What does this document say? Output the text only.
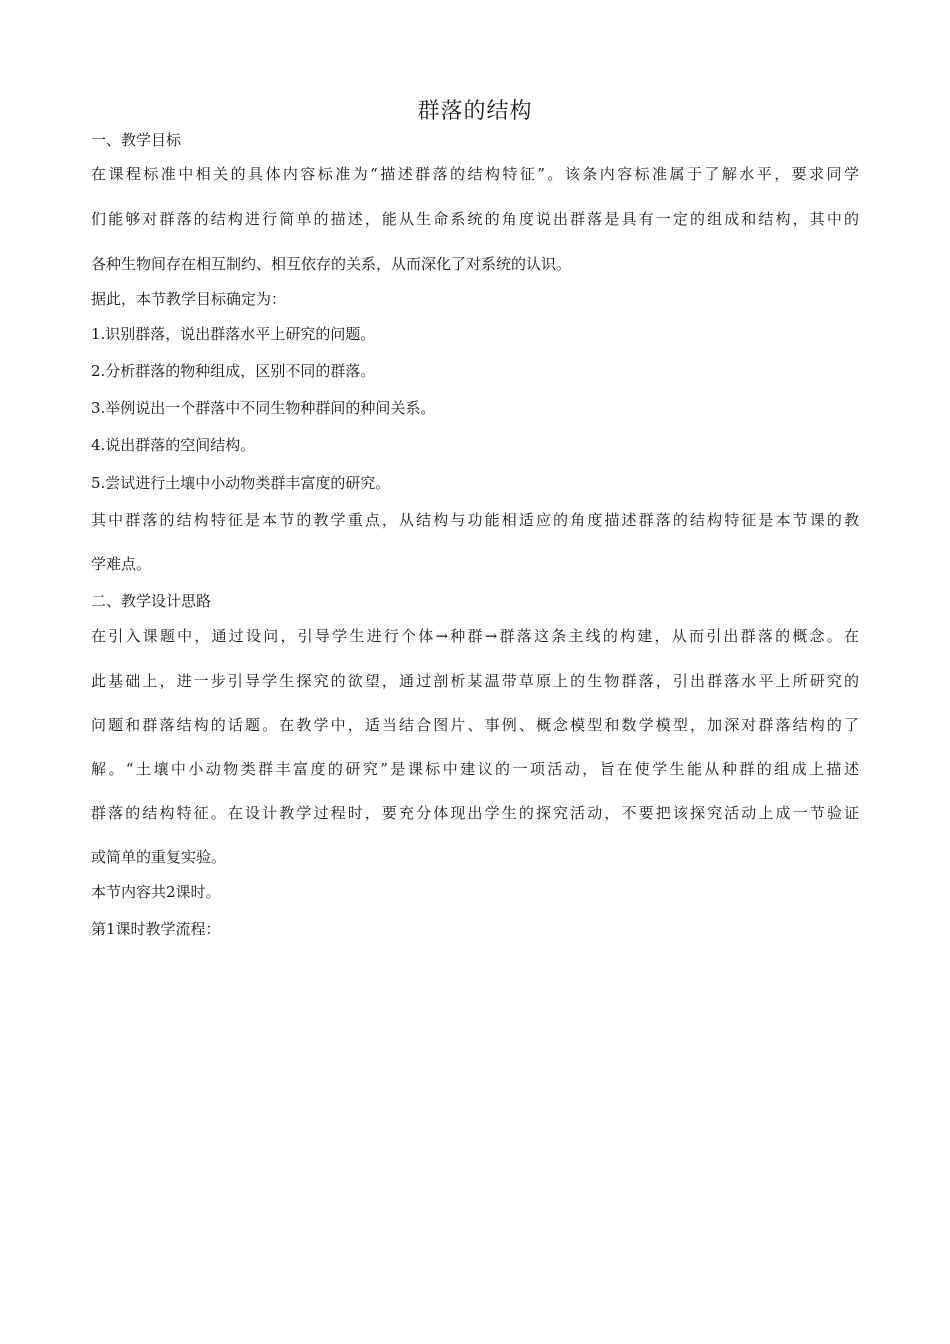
群落的结构
一、教学目标
在课程标准中相关的具体内容标准为“描述群落的结构特征”。该条内容标准属于了解水平，要求同学
们能够对群落的结构进行简单的描述，能从生命系统的角度说出群落是具有一定的组成和结构，其中的
各种生物间存在相互制约、相互依存的关系，从而深化了对系统的认识。
据此，本节教学目标确定为：
1.识别群落，说出群落水平上研究的问题。
2.分析群落的物种组成，区别不同的群落。
3.举例说出一个群落中不同生物种群间的种间关系。
4.说出群落的空间结构。
5.尝试进行土壤中小动物类群丰富度的研究。
其中群落的结构特征是本节的教学重点，从结构与功能相适应的角度描述群落的结构特征是本节课的教
学难点。
二、教学设计思路
在引入课题中，通过设问，引导学生进行个体→种群→群落这条主线的构建，从而引出群落的概念。在
此基础上，进一步引导学生探究的欲望，通过剖析某温带草原上的生物群落，引出群落水平上所研究的
问题和群落结构的话题。在教学中，适当结合图片、事例、概念模型和数学模型，加深对群落结构的了
解。“土壤中小动物类群丰富度的研究”是课标中建议的一项活动，旨在使学生能从种群的组成上描述
群落的结构特征。在设计教学过程时，要充分体现出学生的探究活动，不要把该探究活动上成一节验证
或简单的重复实验。
本节内容共2课时。
第1课时教学流程：
